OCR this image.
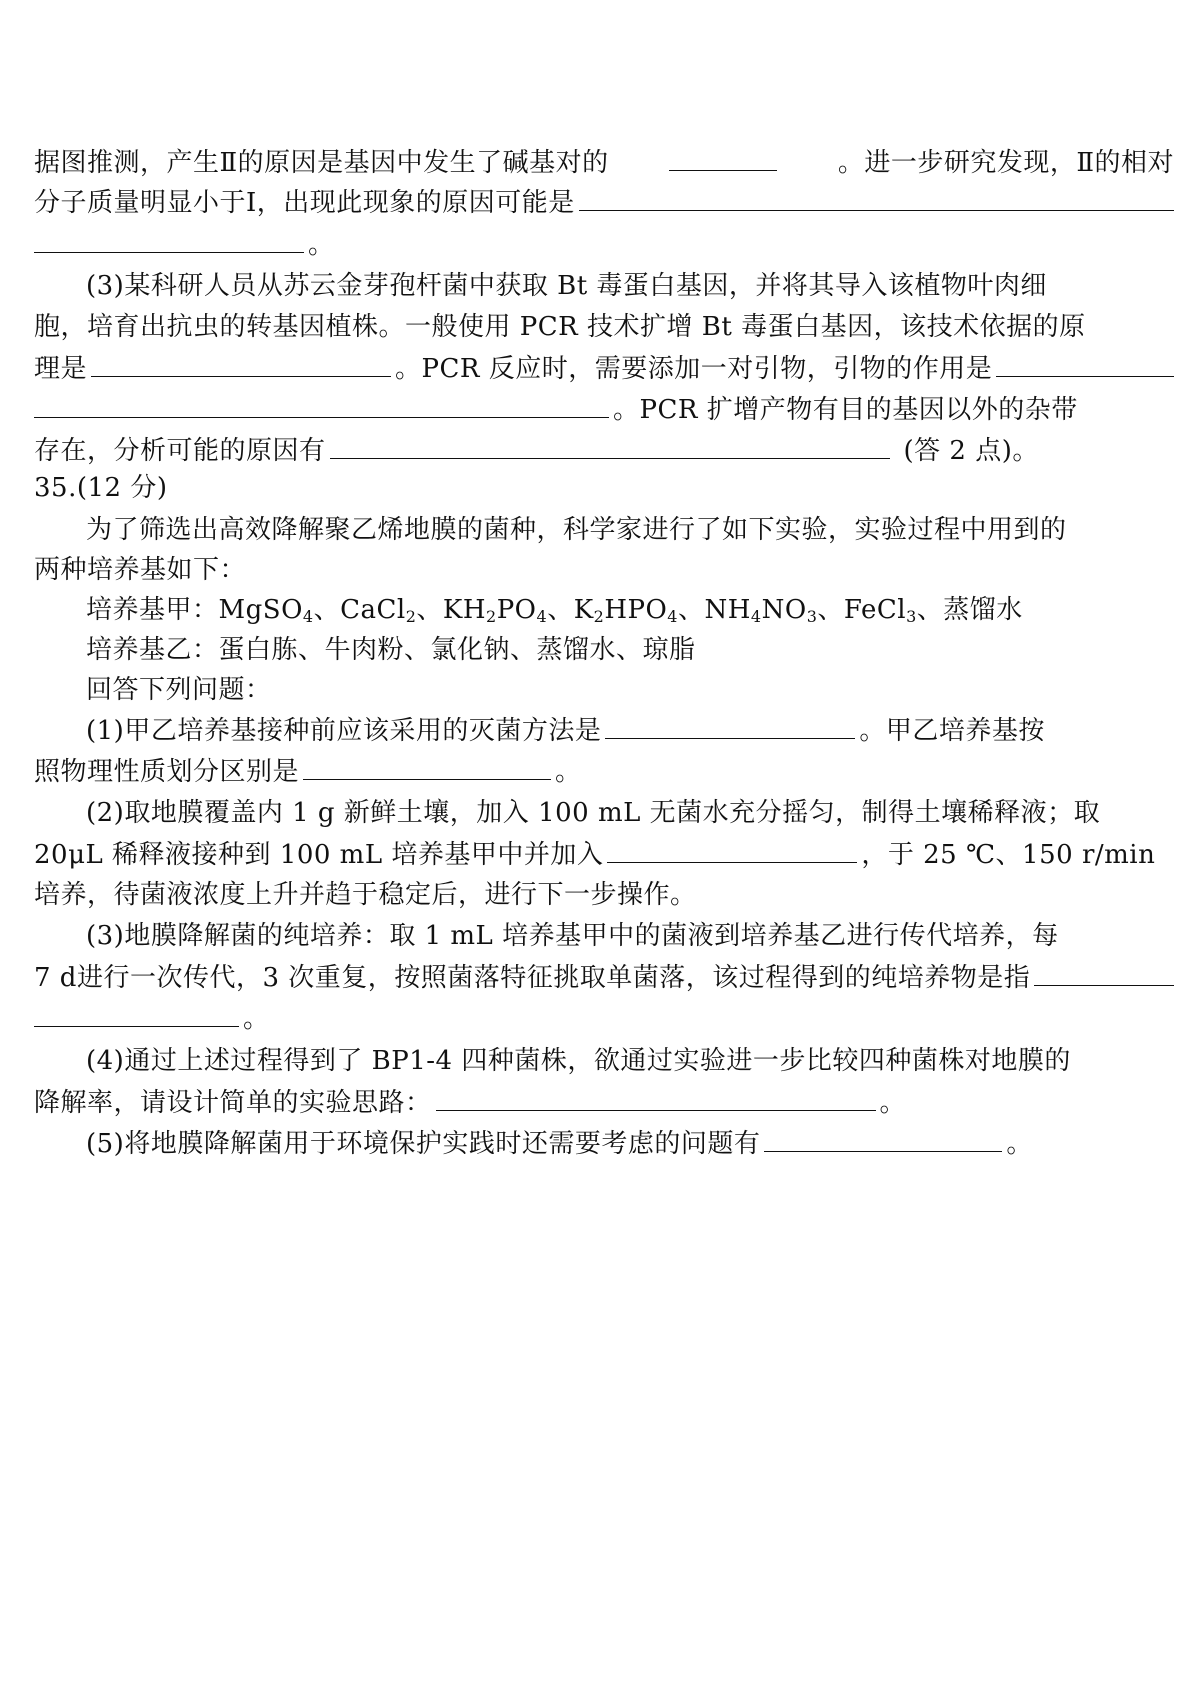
据图推测，产生Ⅱ的原因是基因中发生了碱基对的	。进一步研究发现，Ⅱ的相对
分子质量明显小于Ⅰ，出现此现象的原因可能是
。
(3)某科研人员从苏云金芽孢杆菌中获取 Bt 毒蛋白基因，并将其导入该植物叶肉细
胞，培育出抗虫的转基因植株。一般使用 PCR 技术扩增 Bt 毒蛋白基因，该技术依据的原
理是	。PCR 反应时，需要添加一对引物，引物的作用是
。PCR 扩增产物有目的基因以外的杂带
存在，分析可能的原因有	(答 2 点)。
35.(12 分)
为了筛选出高效降解聚乙烯地膜的菌种，科学家进行了如下实验，实验过程中用到的
两种培养基如下：
培养基甲：MgSO$_4$、CaCl$_2$、$KH_2PO_4$、$K_2HPO_4$、$NH_4NO_3$、FeCl$_3$、蒸馏水
培养基乙：蛋白胨、牛肉粉、氯化钠、蒸馏水、琼脂
回答下列问题：
(1)甲乙培养基接种前应该采用的灭菌方法是	。甲乙培养基按
照物理性质划分区别是	。
(2)取地膜覆盖内 1 g 新鲜土壤，加入 100 mL 无菌水充分摇匀，制得土壤稀释液；取
20μL 稀释液接种到 100 mL 培养基甲中并加入	，于 25 ℃、150 r/min
培养，待菌液浓度上升并趋于稳定后，进行下一步操作。
(3)地膜降解菌的纯培养：取 1 mL 培养基甲中的菌液到培养基乙进行传代培养，每
7 d进行一次传代，3 次重复，按照菌落特征挑取单菌落，该过程得到的纯培养物是指
。
(4)通过上述过程得到了 BP1-4 四种菌株，欲通过实验进一步比较四种菌株对地膜的
降解率，请设计简单的实验思路：	。
(5)将地膜降解菌用于环境保护实践时还需要考虑的问题有	。
